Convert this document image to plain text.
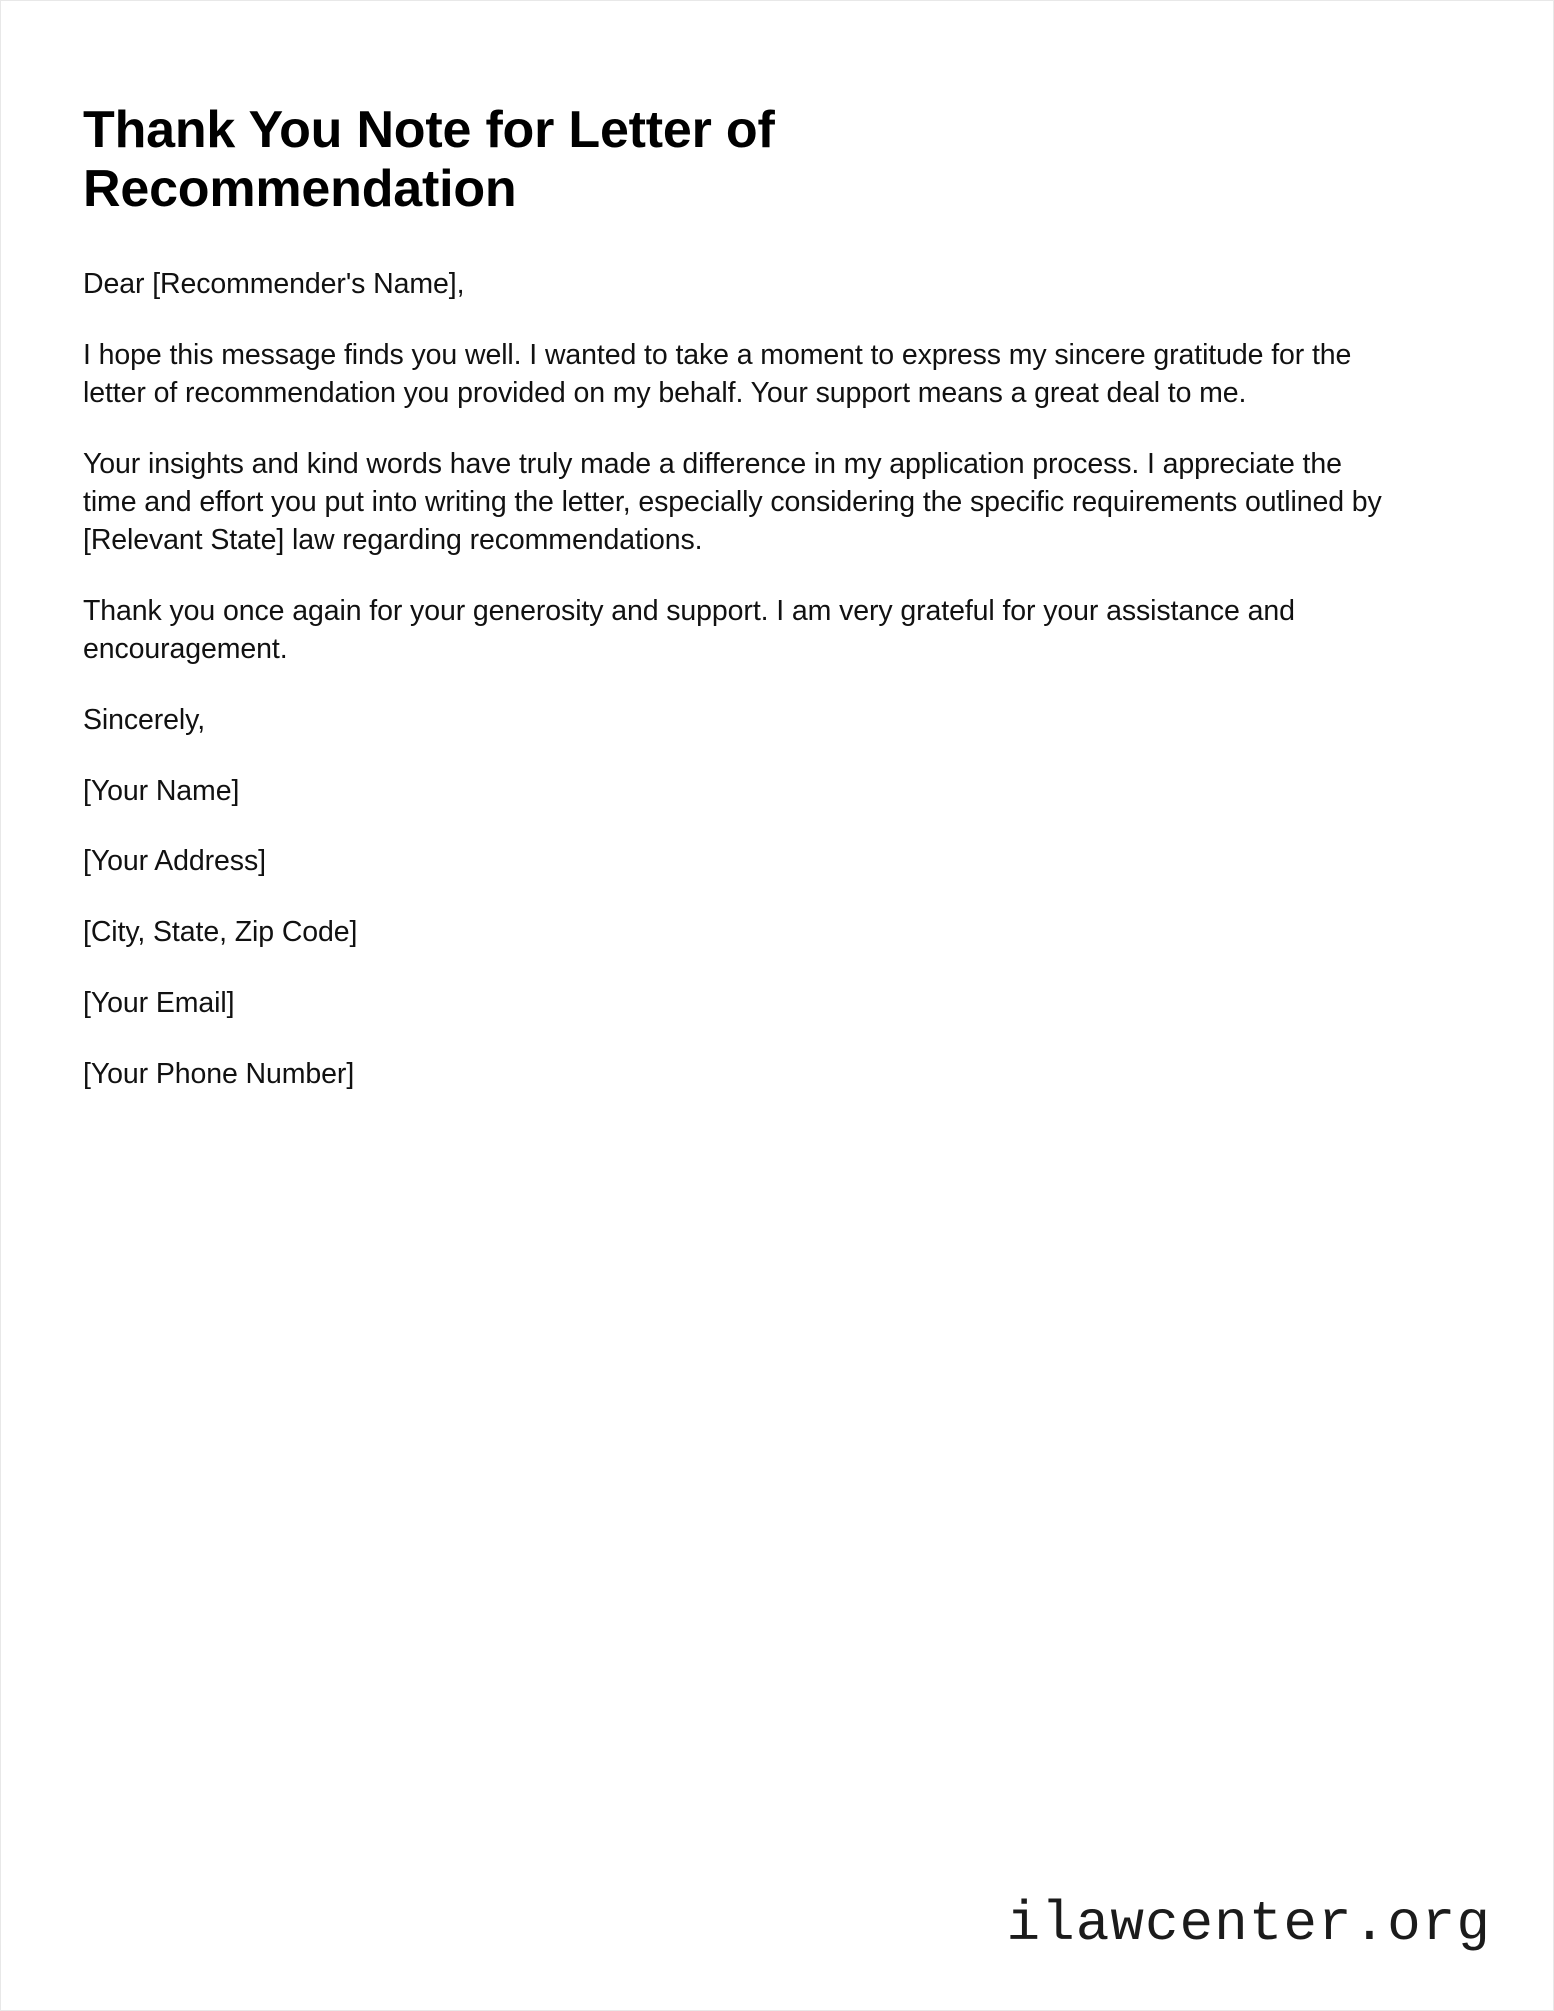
Thank You Note for Letter of Recommendation

Dear [Recommender's Name],

I hope this message finds you well. I wanted to take a moment to express my sincere gratitude for the letter of recommendation you provided on my behalf. Your support means a great deal to me.

Your insights and kind words have truly made a difference in my application process. I appreciate the time and effort you put into writing the letter, especially considering the specific requirements outlined by [Relevant State] law regarding recommendations.

Thank you once again for your generosity and support. I am very grateful for your assistance and encouragement.

Sincerely,

[Your Name]

[Your Address]

[City, State, Zip Code]

[Your Email]

[Your Phone Number]

ilawcenter.org
